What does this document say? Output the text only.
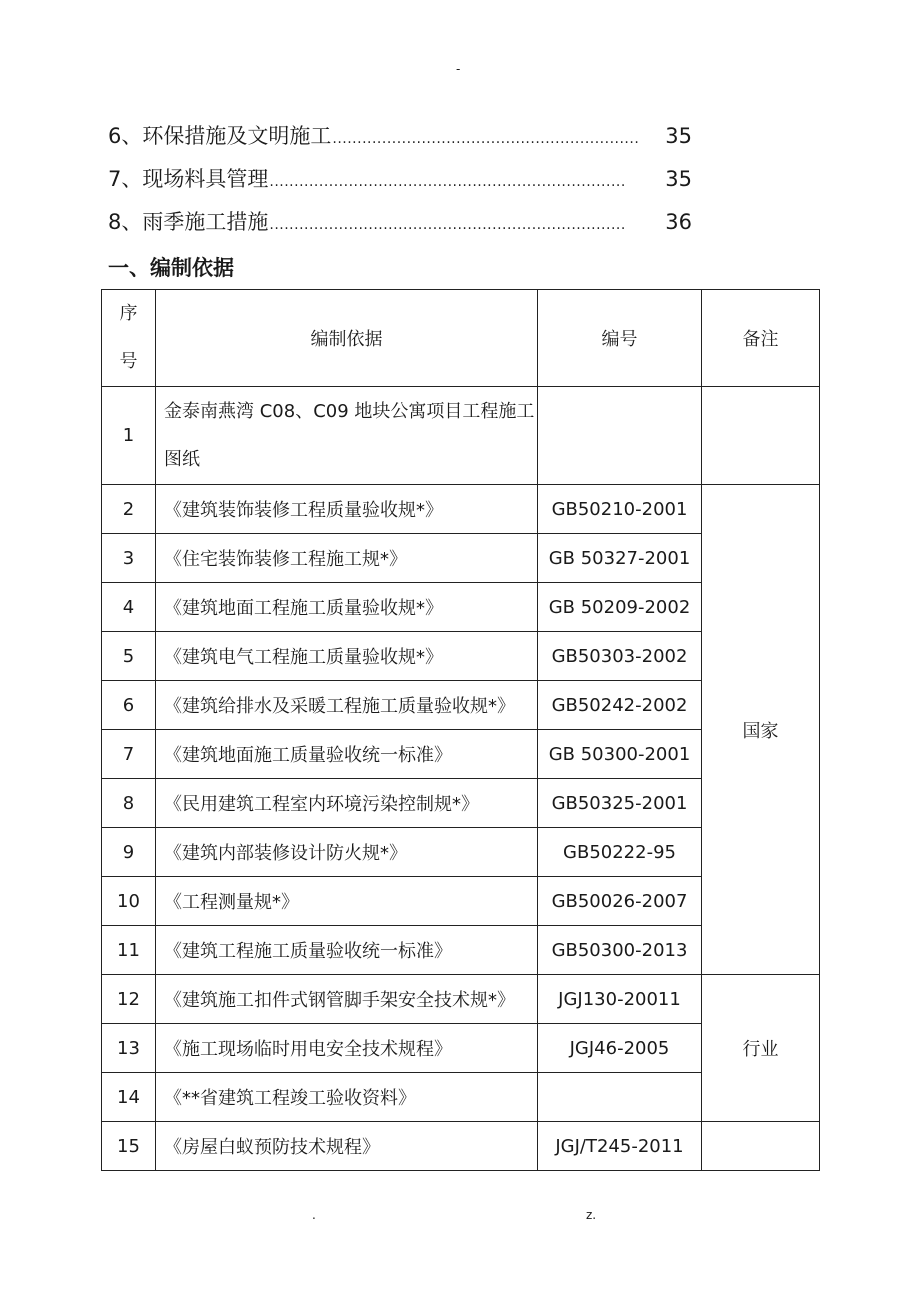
-
6 、 环保措施及文明施工 ..............................................................	35
7 、 现场料具管理 ........................................................................	35
8 、 雨季施工措施 ........................................................................	36
一、编制依据
序
号	编制依据	编号	备注
1	金泰南燕湾 C08、C09 地块公寓项目工程施工图纸		
2	《建筑装饰装修工程质量验收规*》	GB50210-2001	国家
3	《住宅装饰装修工程施工规*》	GB 50327-2001	
4	《建筑地面工程施工质量验收规*》	GB 50209-2002	
5	《建筑电气工程施工质量验收规*》	GB50303-2002	
6	《建筑给排水及采暖工程施工质量验收规*》	GB50242-2002	
7	《建筑地面施工质量验收统一标准》	GB 50300-2001	
8	《民用建筑工程室内环境污染控制规*》	GB50325-2001	
9	《建筑内部装修设计防火规*》	GB50222-95	
10	《工程测量规*》	GB50026-2007	
11	《建筑工程施工质量验收统一标准》	GB50300-2013	
12	《建筑施工扣件式钢管脚手架安全技术规*》	JGJ130-20011	行业
13	《施工现场临时用电安全技术规程》	JGJ46-2005	
14	《**省建筑工程竣工验收资料》		
15	《房屋白蚁预防技术规程》	JGJ/T245-2011	
.	z.
